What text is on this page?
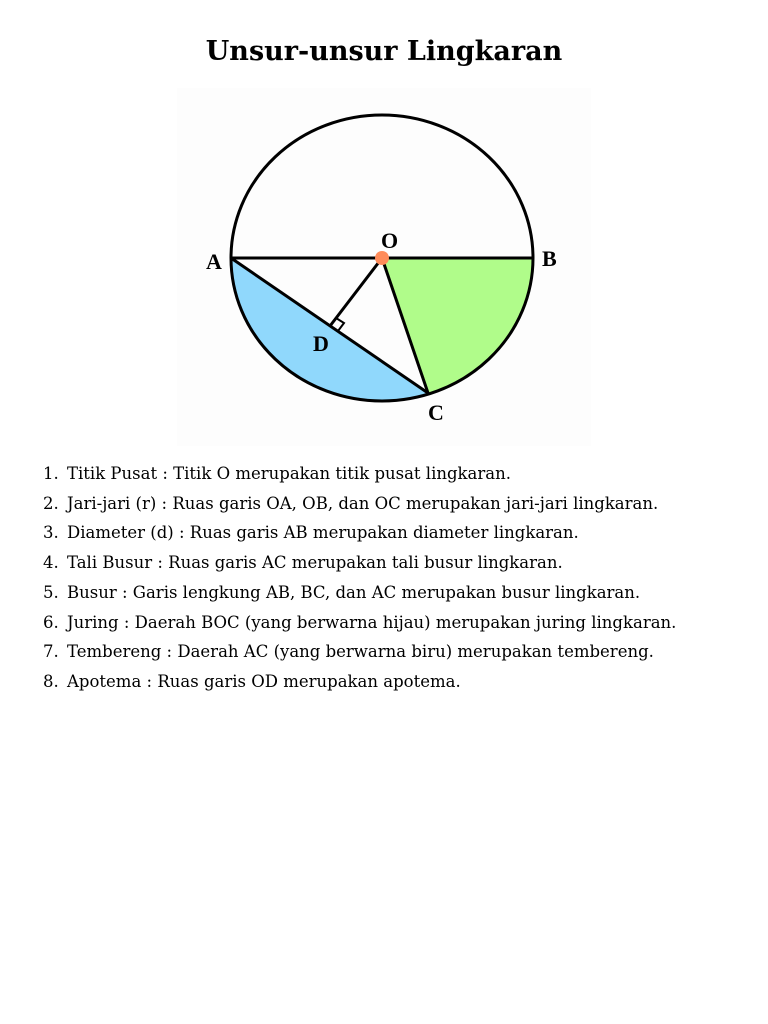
Unsur-unsur Lingkaran
A	B
C
D
O
1. Titik Pusat : Titik O merupakan titik pusat lingkaran.
2. Jari-jari (r) : Ruas garis OA, OB, dan OC merupakan jari-jari lingkaran.
3. Diameter (d) : Ruas garis AB merupakan diameter lingkaran.
4. Tali Busur : Ruas garis AC merupakan tali busur lingkaran.
5. Busur : Garis lengkung AB, BC, dan AC merupakan busur lingkaran.
6. Juring : Daerah BOC (yang berwarna hijau) merupakan juring lingkaran.
7. Tembereng : Daerah AC (yang berwarna biru) merupakan tembereng.
8. Apotema : Ruas garis OD merupakan apotema.
